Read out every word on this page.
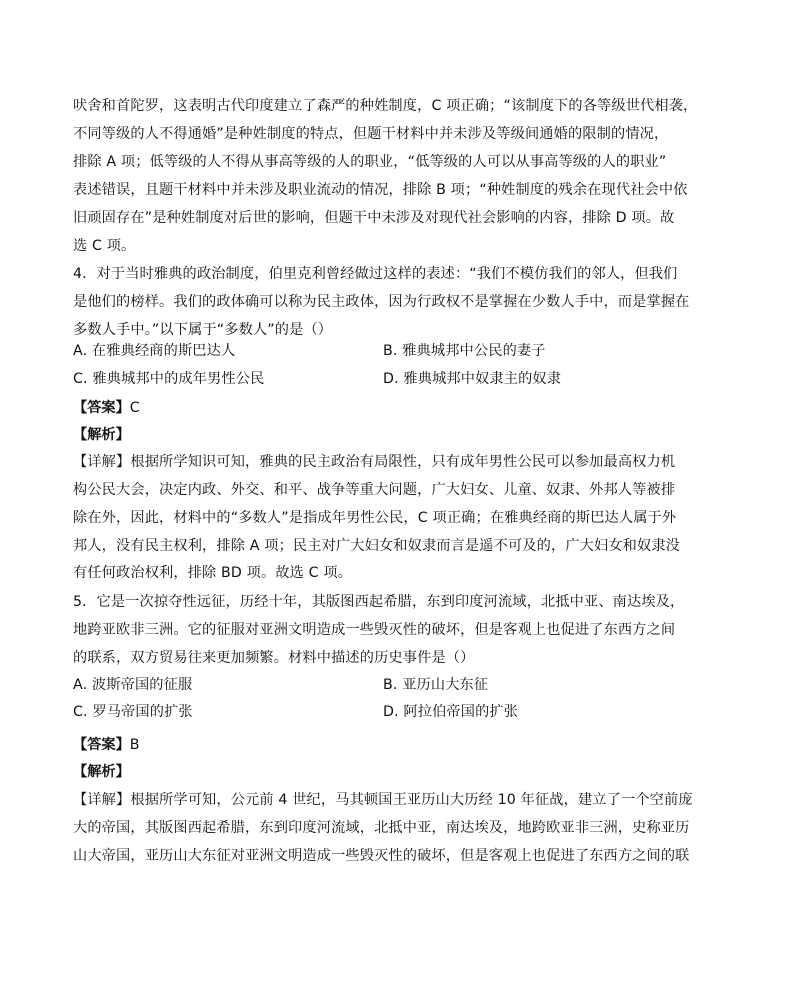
吠舍和首陀罗，这表明古代印度建立了森严的种姓制度，C 项正确；“该制度下的各等级世代相袭，
不同等级的人不得通婚”是种姓制度的特点，但题干材料中并未涉及等级间通婚的限制的情况，
排除 A 项；低等级的人不得从事高等级的人的职业，“低等级的人可以从事高等级的人的职业”
表述错误，且题干材料中并未涉及职业流动的情况，排除 B 项；“种姓制度的残余在现代社会中依
旧顽固存在”是种姓制度对后世的影响，但题干中未涉及对现代社会影响的内容，排除 D 项。故
选 C 项。
4．对于当时雅典的政治制度，伯里克利曾经做过这样的表述：“我们不模仿我们的邻人，但我们
是他们的榜样。我们的政体确可以称为民主政体，因为行政权不是掌握在少数人手中，而是掌握在
多数人手中。”以下属于“多数人”的是（）
A. 在雅典经商的斯巴达人	B. 雅典城邦中公民的妻子
C. 雅典城邦中的成年男性公民	D. 雅典城邦中奴隶主的奴隶
【答案】C
【解析】
【详解】根据所学知识可知，雅典的民主政治有局限性，只有成年男性公民可以参加最高权力机
构公民大会，决定内政、外交、和平、战争等重大问题，广大妇女、儿童、奴隶、外邦人等被排
除在外，因此，材料中的“多数人”是指成年男性公民，C 项正确；在雅典经商的斯巴达人属于外
邦人，没有民主权利，排除 A 项；民主对广大妇女和奴隶而言是遥不可及的，广大妇女和奴隶没
有任何政治权利，排除 BD 项。故选 C 项。
5．它是一次掠夺性远征，历经十年，其版图西起希腊，东到印度河流域，北抵中亚、南达埃及，
地跨亚欧非三洲。它的征服对亚洲文明造成一些毁灭性的破坏，但是客观上也促进了东西方之间
的联系，双方贸易往来更加频繁。材料中描述的历史事件是（）
A. 波斯帝国的征服	B. 亚历山大东征
C. 罗马帝国的扩张	D. 阿拉伯帝国的扩张
【答案】B
【解析】
【详解】根据所学可知，公元前 4 世纪，马其顿国王亚历山大历经 10 年征战，建立了一个空前庞
大的帝国，其版图西起希腊，东到印度河流域，北抵中亚，南达埃及，地跨欧亚非三洲，史称亚历
山大帝国，亚历山大东征对亚洲文明造成一些毁灭性的破坏，但是客观上也促进了东西方之间的联
